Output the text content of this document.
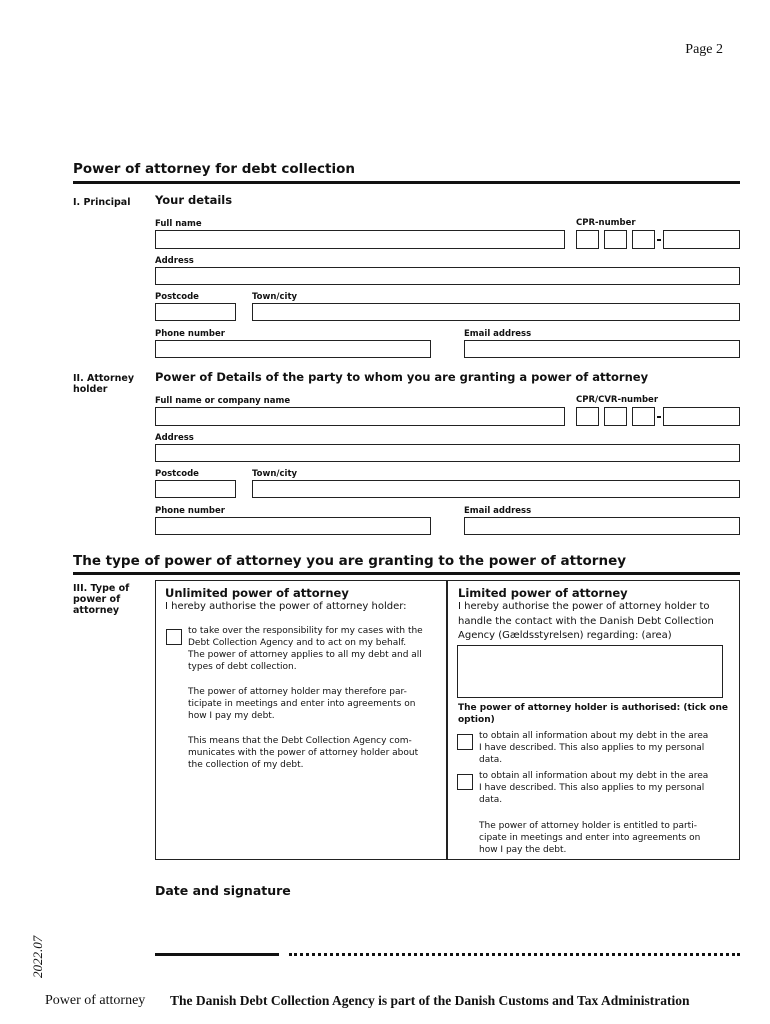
Page 2
Power of attorney for debt collection
I. Principal Your details
Full name	CPR-number
Address
Postcode	Town/city
Phone number	Email address
II. Attorney
holder
Power of Details of the party to whom you are granting a power of attorney
Full name or company name	CPR/CVR-number
Address
Postcode	Town/city
Phone number	Email address
The type of power of attorney you are granting to the power of attorney
III. Type of
power of
attorney
Unlimited power of attorney
I hereby authorise the power of attorney holder:
to take over the responsibility for my cases with the
Debt Collection Agency and to act on my behalf.
The power of attorney applies to all my debt and all
types of debt collection.
The power of attorney holder may therefore par-
ticipate in meetings and enter into agreements on
how I pay my debt.
This means that the Debt Collection Agency com-
municates with the power of attorney holder about
the collection of my debt.
Limited power of attorney
I hereby authorise the power of attorney holder to
handle the contact with the Danish Debt Collection
Agency (Gældsstyrelsen) regarding: (area)
The power of attorney holder is authorised: (tick one
option)
to obtain all information about my debt in the area
I have described. This also applies to my personal
data.
to obtain all information about my debt in the area
I have described. This also applies to my personal
data.
The power of attorney holder is entitled to parti-
cipate in meetings and enter into agreements on
how I pay the debt.
Date and signature
2022.07
Power of attorney The Danish Debt Collection Agency is part of the Danish Customs and Tax Administration
